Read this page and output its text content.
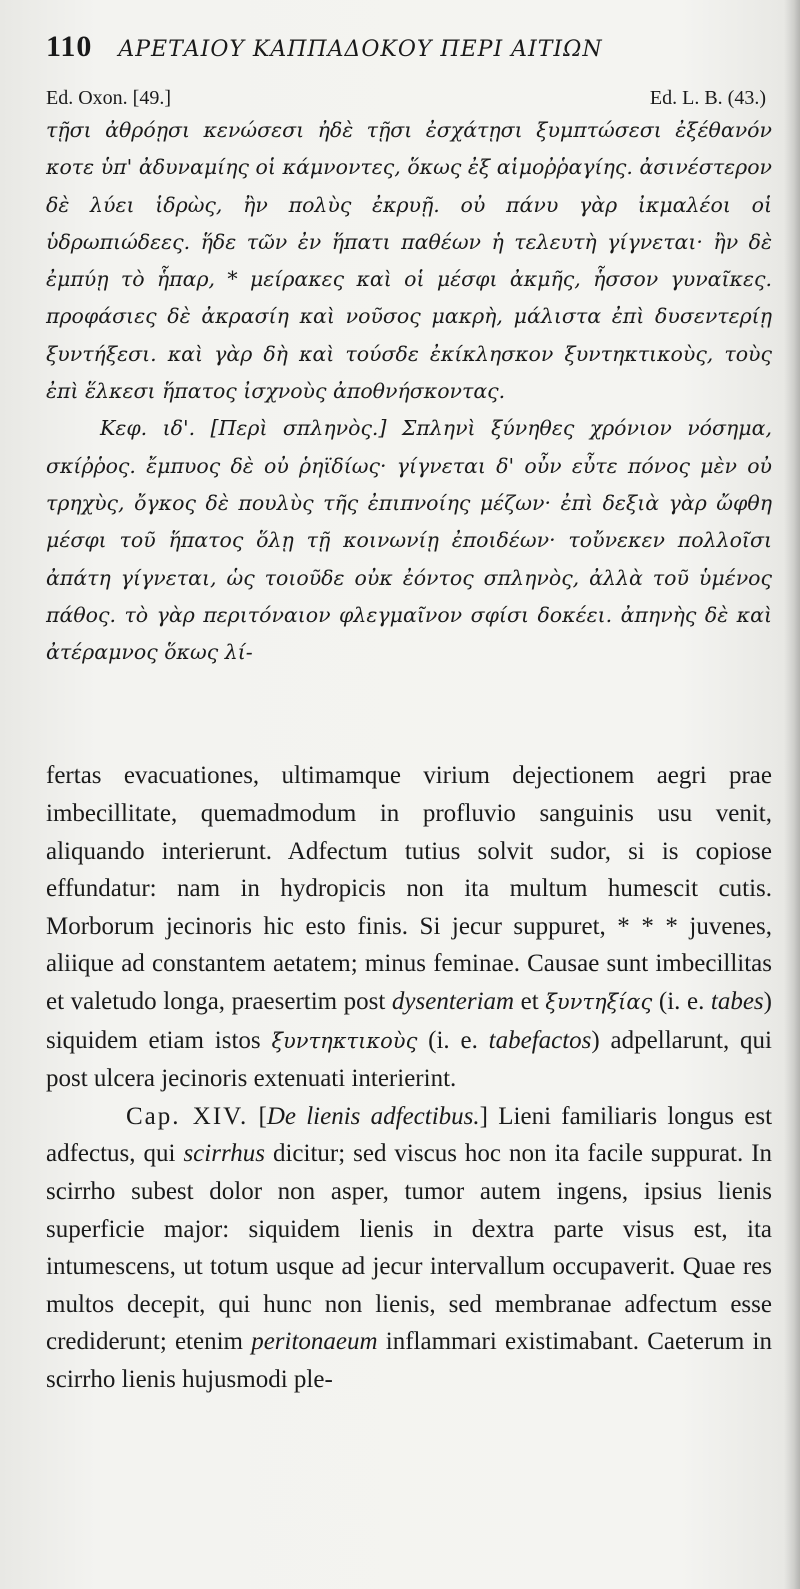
110 ΑΡΕΤΑΙΟΥ ΚΑΠΠΑΔΟΚΟΥ ΠΕΡΙ ΑΙΤΙΩΝ
Ed. Oxon. [49.]	Ed. L. B. (43.)

τῇσι ἀθρόῃσι κενώσεσι ἠδὲ τῇσι ἐσχάτῃσι ξυμπτώσεσι ἐξέθανόν κοτε ὑπ' ἀδυναμίης οἱ κάμνοντες, ὅκως ἐξ αἱμοῤῥαγίης. ἀσινέστερον δὲ λύει ἱδρὼς, ἢν πολὺς ἐκρυῇ. οὐ πάνυ γὰρ ἰκμαλέοι οἱ ὑδρωπιώδεες. ἥδε τῶν ἐν ἥπατι παθέων ἡ τελευτὴ γίγνεται· ἢν δὲ ἐμπύῃ τὸ ἧπαρ, * μείρακες καὶ οἱ μέσφι ἀκμῆς, ἧσσον γυναῖκες. προφάσιες δὲ ἀκρασίη καὶ νοῦσος μακρὴ, μάλιστα ἐπὶ δυσεντερίῃ ξυντήξεσι. καὶ γὰρ δὴ καὶ τούσδε ἐκίκλησκον ξυντηκτικοὺς, τοὺς ἐπὶ ἕλκεσι ἥπατος ἰσχνοὺς ἀποθνήσκοντας.

Κεφ. ιδ'. [Περὶ σπληνὸς.] Σπληνὶ ξύνηθες χρόνιον νόσημα, σκίῤῥος. ἔμπυος δὲ οὐ ῥηϊδίως· γίγνεται δ' οὖν εὖτε πόνος μὲν οὐ τρηχὺς, ὄγκος δὲ πουλὺς τῆς ἐπιπνοίης μέζων· ἐπὶ δεξιὰ γὰρ ὤφθη μέσφι τοῦ ἥπατος ὅλῃ τῇ κοινωνίῃ ἐποιδέων· τοὔνεκεν πολλοῖσι ἀπάτη γίγνεται, ὡς τοιοῦδε οὐκ ἐόντος σπληνὸς, ἀλλὰ τοῦ ὑμένος πάθος. τὸ γὰρ περιτόναιον φλεγμαῖνον σφίσι δοκέει. ἀπηνὴς δὲ καὶ ἀτέραμνος ὅκως λί-

fertas evacuationes, ultimamque virium dejectionem aegri prae imbecillitate, quemadmodum in profluvio sanguinis usu venit, aliquando interierunt. Adfectum tutius solvit sudor, si is copiose effundatur: nam in hydropicis non ita multum humescit cutis. Morborum jecinoris hic esto finis. Si jecur suppuret, * * * juvenes, aliique ad constantem aetatem; minus feminae. Causae sunt imbecillitas et valetudo longa, praesertim post dysenteriam et ξυντηξίας (i. e. tabes) siquidem etiam istos ξυντηκτικοὺς (i. e. tabefactos) adpellarunt, qui post ulcera jecinoris extenuati interierint.

Cap. XIV. [De lienis adfectibus.] Lieni familiaris longus est adfectus, qui scirrhus dicitur; sed viscus hoc non ita facile suppurat. In scirrho subest dolor non asper, tumor autem ingens, ipsius lienis superficie major: siquidem lienis in dextra parte visus est, ita intumescens, ut totum usque ad jecur intervallum occupaverit. Quae res multos decepit, qui hunc non lienis, sed membranae adfectum esse crediderunt; etenim peritonaeum inflammari existimabant. Caeterum in scirrho lienis hujusmodi ple-
